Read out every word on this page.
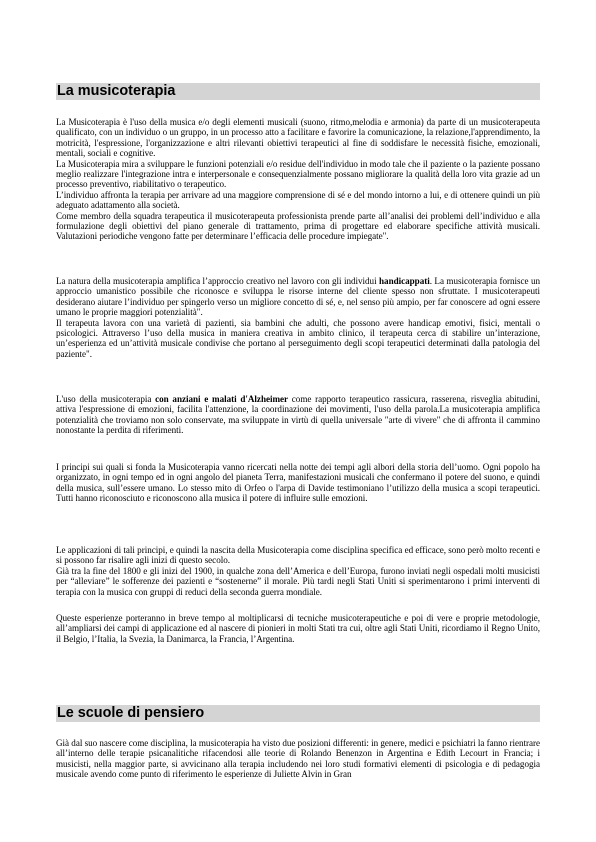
La musicoterapia
La Musicoterapia è l'uso della musica e/o degli elementi musicali (suono, ritmo,melodia e armonia) da parte di un musicoterapeuta qualificato, con un individuo o un gruppo, in un processo atto a facilitare e favorire la comunicazione, la relazione,l'apprendimento, la motricità, l'espressione, l'organizzazione e altri rilevanti obiettivi terapeutici al fine di soddisfare le necessità fisiche, emozionali, mentali, sociali e cognitive.
La Musicoterapia mira a sviluppare le funzioni potenziali e/o residue dell'individuo in modo tale che il paziente o la paziente possano meglio realizzare l'integrazione intra e interpersonale e consequenzialmente possano migliorare la qualità della loro vita grazie ad un processo preventivo, riabilitativo o terapeutico.
L’individuo affronta la terapia per arrivare ad una maggiore comprensione di sé e del mondo intorno a lui, e di ottenere quindi un più adeguato adattamento alla società.
Come membro della squadra terapeutica il musicoterapeuta professionista prende parte all’analisi dei problemi dell’individuo e alla formulazione degli obiettivi del piano generale di trattamento, prima di progettare ed elaborare specifiche attività musicali. Valutazioni periodiche vengono fatte per determinare l’efficacia delle procedure impiegate".
La natura della musicoterapia amplifica l’approccio creativo nel lavoro con gli individui handicappati. La musicoterapia fornisce un approccio umanistico possibile che riconosce e sviluppa le risorse interne del cliente spesso non sfruttate. I musicoterapeuti desiderano aiutare l’individuo per spingerlo verso un migliore concetto di sé, e, nel senso più ampio, per far conoscere ad ogni essere umano le proprie maggiori potenzialità".
Il terapeuta lavora con una varietà di pazienti, sia bambini che adulti, che possono avere handicap emotivi, fisici, mentali o psicologici. Attraverso l’uso della musica in maniera creativa in ambito clinico, il terapeuta cerca di stabilire un’interazione, un’esperienza ed un’attività musicale condivise che portano al perseguimento degli scopi terapeutici determinati dalla patologia del paziente".
L'uso della musicoterapia con anziani e malati d'Alzheimer come rapporto terapeutico rassicura, rasserena, risveglia abitudini, attiva l'espressione di emozioni, facilita l'attenzione, la coordinazione dei movimenti, l'uso della parola.La musicoterapia amplifica potenzialità che troviamo non solo conservate, ma sviluppate in virtù di quella universale "arte di vivere" che di affronta il cammino nonostante la perdita di riferimenti.
I principi sui quali si fonda la Musicoterapia vanno ricercati nella notte dei tempi agli albori della storia dell’uomo. Ogni popolo ha organizzato, in ogni tempo ed in ogni angolo del pianeta Terra, manifestazioni musicali che confermano il potere del suono, e quindi della musica, sull’essere umano. Lo stesso mito di Orfeo o l'arpa di Davide testimoniano l’utilizzo della musica a scopi terapeutici. Tutti hanno riconosciuto e riconoscono alla musica il potere di influire sulle emozioni.
Le applicazioni di tali principi, e quindi la nascita della Musicoterapia come disciplina specifica ed efficace, sono però molto recenti e si possono far risalire agli inizi di questo secolo.
Già tra la fine del 1800 e gli inizi del 1900, in qualche zona dell’America e dell’Europa, furono inviati negli ospedali molti musicisti per “alleviare” le sofferenze dei pazienti e “sostenerne” il morale. Più tardi negli Stati Uniti si sperimentarono i primi interventi di terapia con la musica con gruppi di reduci della seconda guerra mondiale.
Queste esperienze porteranno in breve tempo al moltiplicarsi di tecniche musicoterapeutiche e poi di vere e proprie metodologie, all’ampliarsi dei campi di applicazione ed al nascere di pionieri in molti Stati tra cui, oltre agli Stati Uniti, ricordiamo il Regno Unito, il Belgio, l’Italia, la Svezia, la Danimarca, la Francia, l’Argentina.
Le scuole di pensiero
Già dal suo nascere come disciplina, la musicoterapia ha visto due posizioni differenti: in genere, medici e psichiatri la fanno rientrare all’interno delle terapie psicanalitiche rifacendosi alle teorie di Rolando Benenzon in Argentina e Edith Lecourt in Francia; i musicisti, nella maggior parte, si avvicinano alla terapia includendo nei loro studi formativi elementi di psicologia e di pedagogia musicale avendo come punto di riferimento le esperienze di Juliette Alvin in Gran
